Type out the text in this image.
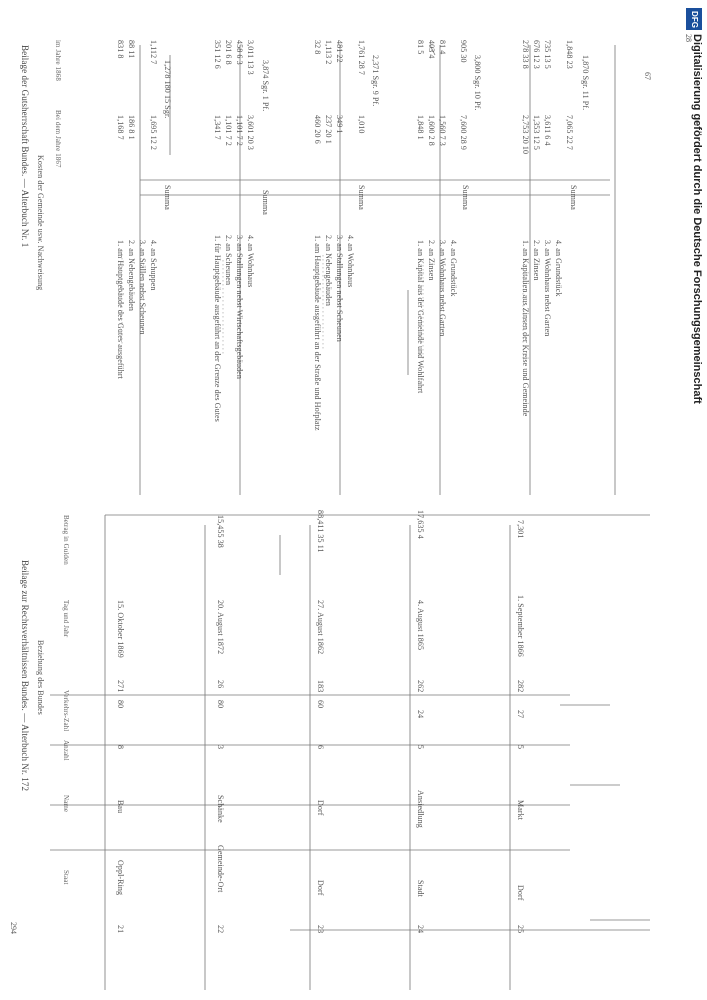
DFG
Digitalisierung gefördert durch die Deutsche Forschungsgemeinschaft
294
28
67
Beilage zur Rechtsverhältnissen Bundes. — Alterbuch Nr. 172 Beziehung des Bundes
Staat
Name
Anzahl
Verkehrs-Zahl
Tag und Jahr
Betrag in Gulden
21
Oppl-Ring
Bau
8
80
271
15. Oktober 1869
22
Gemeinde-Ort
Schänke
3
80
26
20. August 1872
15,455 38
23
Dorf
Dorf
6
60
183
27. August 1862
88,411 35 11
24
Stadt
Ansiedlung
5
24
262
4. August 1865
17,635 4
25
Dorf
Markt
5
27
282
1. September 1866
7,301
Beilage der Gutsherrschaft Bundes. — Alterbuch Nr. 1 Kosten der Gemeinde usw. Nachweisung
Bei dem Jahre 1867
im Jahre 1868
1. am Hauptgebäude des Gutes ausgeführt 2. an Nebengebäuden 3. an Ställen nebst Scheunen 4. an Schuppen
1,168 7 186 8 1 1,695 12 2
831 8 88 11 1,112 7
Summa
1,278 180 15 Sgr.
1. für Hauptgebäude ausgeführt an der Grenze des Gutes 2. an Scheunen 3. an Stallungen nebst Wirtschaftsgebäuden 4. an Wohnhaus
1,341 7 1,101 7 2 1,101 7 2 3,601 20 3
351 12 6 201 6 8 458 6 3 3,011 13 3
Summa
3,874 Sgr. 1 Pf.
1. am Hauptgebäude ausgeführt an der Straße und Hofplatz 2. an Nebengebäuden 3. an Stallungen nebst Scheunen 4. an Wohnhaus
460 20 6 237 20 1 349 1 1,010
32 8 1,113 2 481 22 1,761 28 7
Summa
2,371 Sgr. 9 Pf.
1. an Kapital aus der Gemeinde und Wohlfahrt 2. an Zinsen 3. an Wohnhaus nebst Garten 4. an Grundstück
1,848 1 1,600 2 8 1,560 7 3 7,600 28 9
81 5 403 4 81 4 905 30
Summa
3,800 Sgr. 10 Pf.
1. an Kapitalien aus Zinsen der Kreise und Gemeinde 2. an Zinsen 3. an Wohnhaus nebst Garten 4. an Grundstück
2,753 20 10 1,353 12 5 3,611 6 4 7,065 22 7
278 33 8 676 12 3 735 13 5 1,848 23
Summa
1,870 Sgr. 11 Pf.
